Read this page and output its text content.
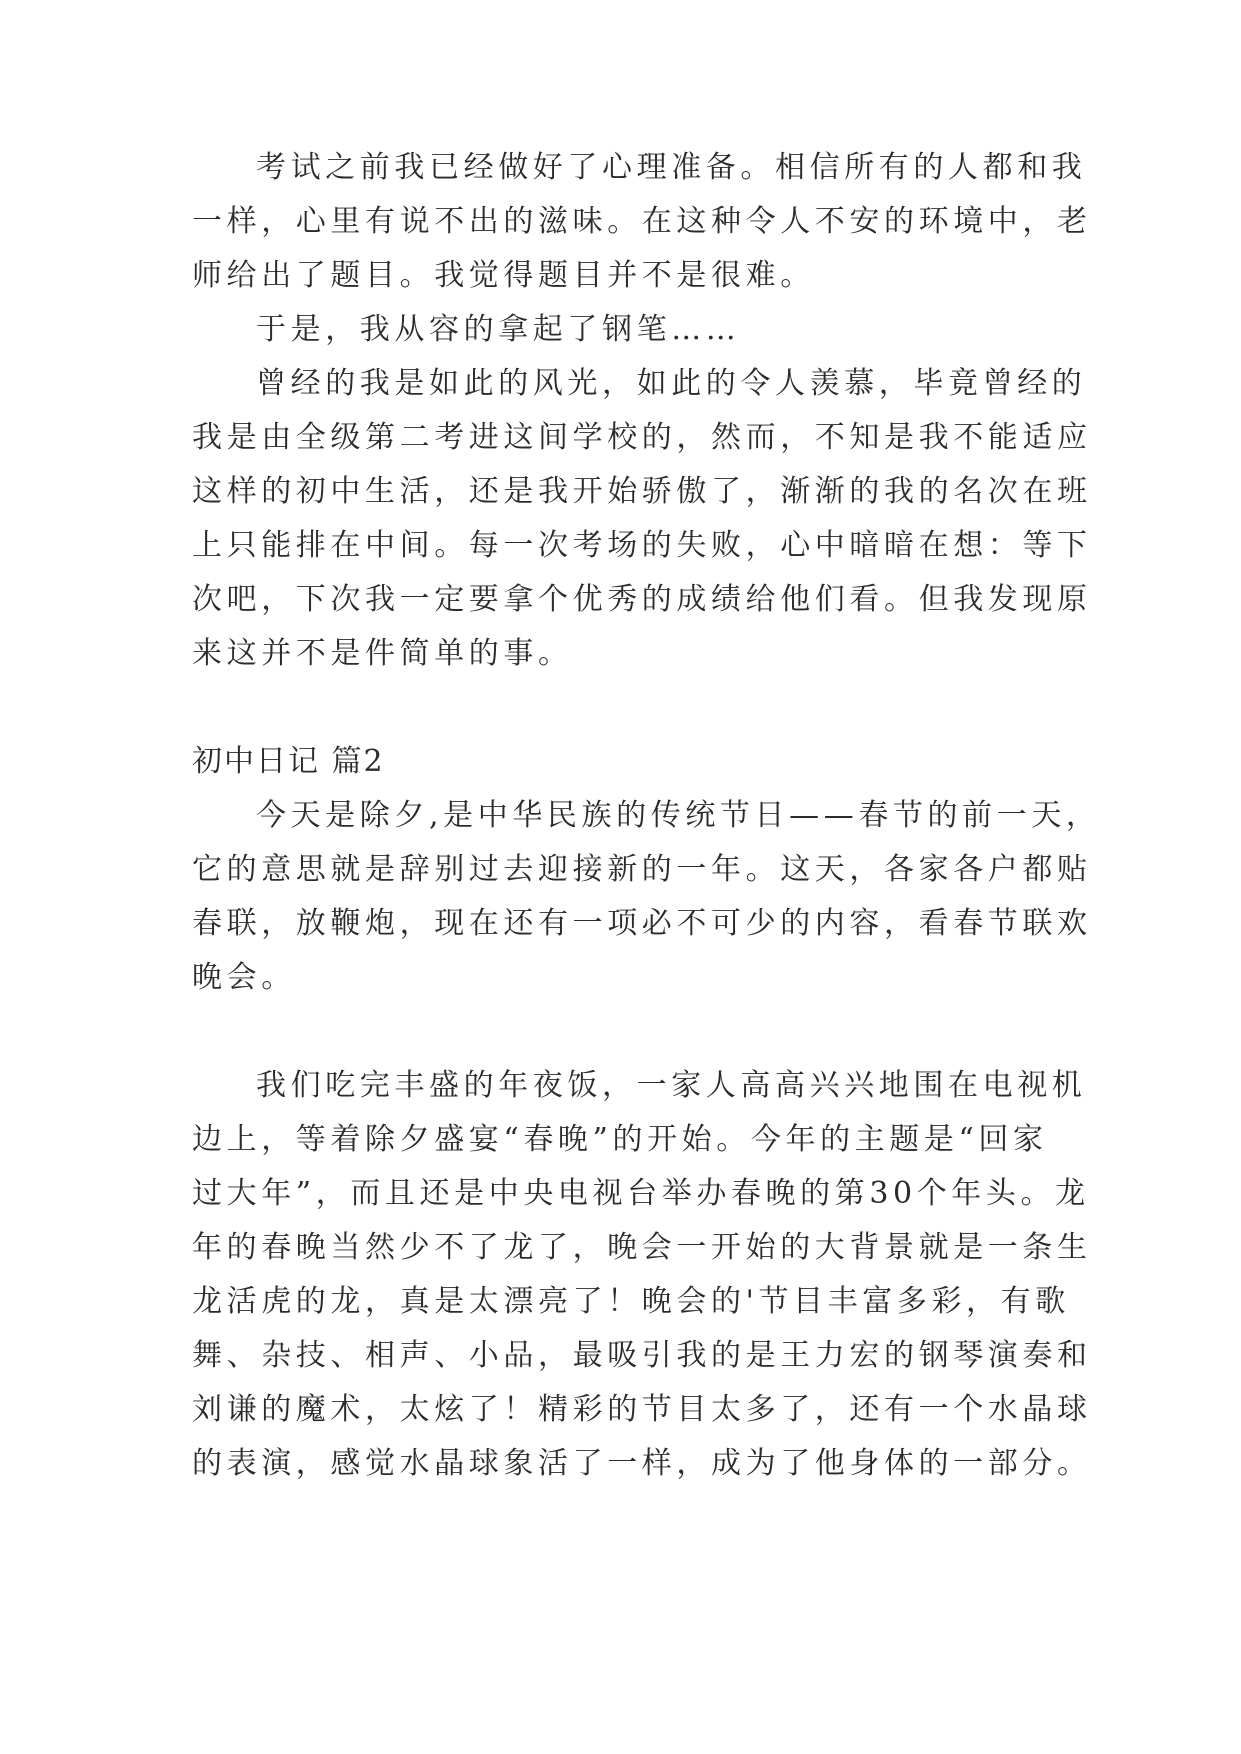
考试之前我已经做好了心理准备。相信所有的人都和我
一样，心里有说不出的滋味。在这种令人不安的环境中，老
师给出了题目。我觉得题目并不是很难。
于是，我从容的拿起了钢笔……
曾经的我是如此的风光，如此的令人羡慕，毕竟曾经的
我是由全级第二考进这间学校的，然而，不知是我不能适应
这样的初中生活，还是我开始骄傲了，渐渐的我的名次在班
上只能排在中间。每一次考场的失败，心中暗暗在想：等下
次吧，下次我一定要拿个优秀的成绩给他们看。但我发现原
来这并不是件简单的事。
初中日记 篇2
今天是除夕,是中华民族的传统节日——春节的前一天，
它的意思就是辞别过去迎接新的一年。这天，各家各户都贴
春联，放鞭炮，现在还有一项必不可少的内容，看春节联欢
晚会。
我们吃完丰盛的年夜饭，一家人高高兴兴地围在电视机
边上，等着除夕盛宴“春晚”的开始。今年的主题是“回家
过大年”，而且还是中央电视台举办春晚的第30个年头。龙
年的春晚当然少不了龙了，晚会一开始的大背景就是一条生
龙活虎的龙，真是太漂亮了！晚会的'节目丰富多彩，有歌
舞、杂技、相声、小品，最吸引我的是王力宏的钢琴演奏和
刘谦的魔术，太炫了！精彩的节目太多了，还有一个水晶球
的表演，感觉水晶球象活了一样，成为了他身体的一部分。
